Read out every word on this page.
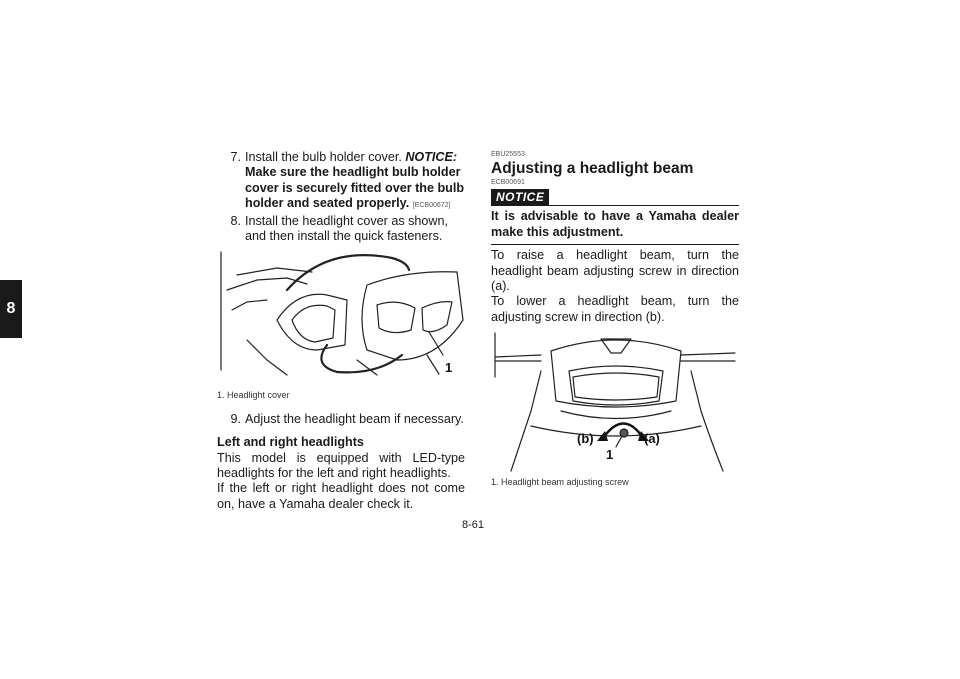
8
7. Install the bulb holder cover. NOTICE: Make sure the headlight bulb holder cover is securely fitted over the bulb holder and seated properly. [ECB00672]
8. Install the headlight cover as shown, and then install the quick fasteners.
1
1. Headlight cover
9. Adjust the headlight beam if necessary.
Left and right headlights
This model is equipped with LED-type headlights for the left and right headlights.
If the left or right headlight does not come on, have a Yamaha dealer check it.
EBU25553
Adjusting a headlight beam
ECB00691
NOTICE
It is advisable to have a Yamaha dealer make this adjustment.
To raise a headlight beam, turn the headlight beam adjusting screw in direction (a).
To lower a headlight beam, turn the adjusting screw in direction (b).
(b)	(a)
1
1. Headlight beam adjusting screw
8-61
